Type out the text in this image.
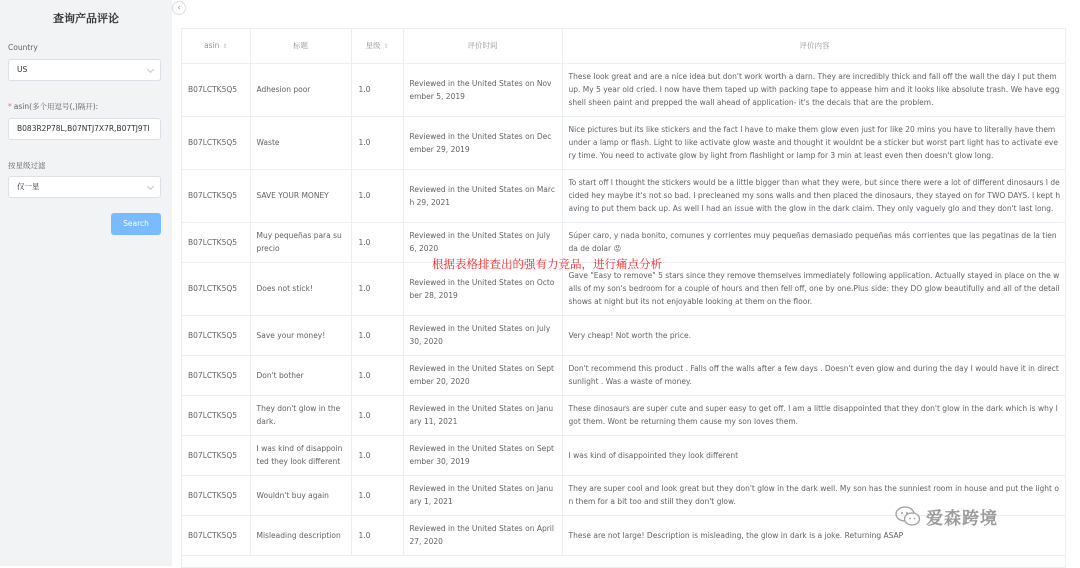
查询产品评论
Country
US
* asin(多个用逗号(,)隔开):
B083R2P78L,B07NTJ7X7R,B07TJ9TI
按星级过滤
仅一星
Search
‹
asin ⇕	标题	星级 ⇕	评价时间	评价内容
B07LCTK5Q5	Adhesion poor	1.0	Reviewed in the United States on November 5, 2019	These look great and are a nice idea but don't work worth a darn. They are incredibly thick and fall off the wall the day I put them up. My 5 year old cried. I now have them taped up with packing tape to appease him and it looks like absolute trash. We have eggshell sheen paint and prepped the wall ahead of application- it's the decals that are the problem.
B07LCTK5Q5	Waste	1.0	Reviewed in the United States on December 29, 2019	Nice pictures but its like stickers and the fact I have to make them glow even just for like 20 mins you have to literally have them under a lamp or flash. Light to like activate glow waste and thought it wouldnt be a sticker but worst part light has to activate every time. You need to activate glow by light from flashlight or lamp for 3 min at least even then doesn't glow long.
B07LCTK5Q5	SAVE YOUR MONEY	1.0	Reviewed in the United States on March 29, 2021	To start off I thought the stickers would be a little bigger than what they were, but since there were a lot of different dinosaurs I decided hey maybe it's not so bad. I precleaned my sons walls and then placed the dinosaurs, they stayed on for TWO DAYS. I kept having to put them back up. As well I had an issue with the glow in the dark claim. They only vaguely glo and they don't last long.
B07LCTK5Q5	Muy pequeñas para su precio	1.0	Reviewed in the United States on July 6, 2020	Súper caro, y nada bonito, comunes y corrientes muy pequeñas demasiado pequeñas más corrientes que las pegatinas de la tienda de dolar 😡
B07LCTK5Q5	Does not stick!	1.0	Reviewed in the United States on October 28, 2019	Gave "Easy to remove" 5 stars since they remove themselves immediately following application. Actually stayed in place on the walls of my son's bedroom for a couple of hours and then fell off, one by one.Plus side: they DO glow beautifully and all of the detail shows at night but its not enjoyable looking at them on the floor.
B07LCTK5Q5	Save your money!	1.0	Reviewed in the United States on July 30, 2020	Very cheap! Not worth the price.
B07LCTK5Q5	Don't bother	1.0	Reviewed in the United States on September 20, 2020	Don't recommend this product . Falls off the walls after a few days . Doesn't even glow and during the day I would have it in direct sunlight . Was a waste of money.
B07LCTK5Q5	They don't glow in the dark.	1.0	Reviewed in the United States on January 11, 2021	These dinosaurs are super cute and super easy to get off. I am a little disappointed that they don't glow in the dark which is why I got them. Wont be returning them cause my son loves them.
B07LCTK5Q5	I was kind of disappointed they look different	1.0	Reviewed in the United States on September 30, 2019	I was kind of disappointed they look different
B07LCTK5Q5	Wouldn't buy again	1.0	Reviewed in the United States on January 1, 2021	They are super cool and look great but they don't glow in the dark well. My son has the sunniest room in house and put the light on them for a bit too and still they don't glow.
B07LCTK5Q5	Misleading description	1.0	Reviewed in the United States on April 27, 2020	These are not large! Description is misleading, the glow in dark is a joke. Returning ASAP
根据表格排查出的强有力竞品，进行痛点分析
爱森跨境
